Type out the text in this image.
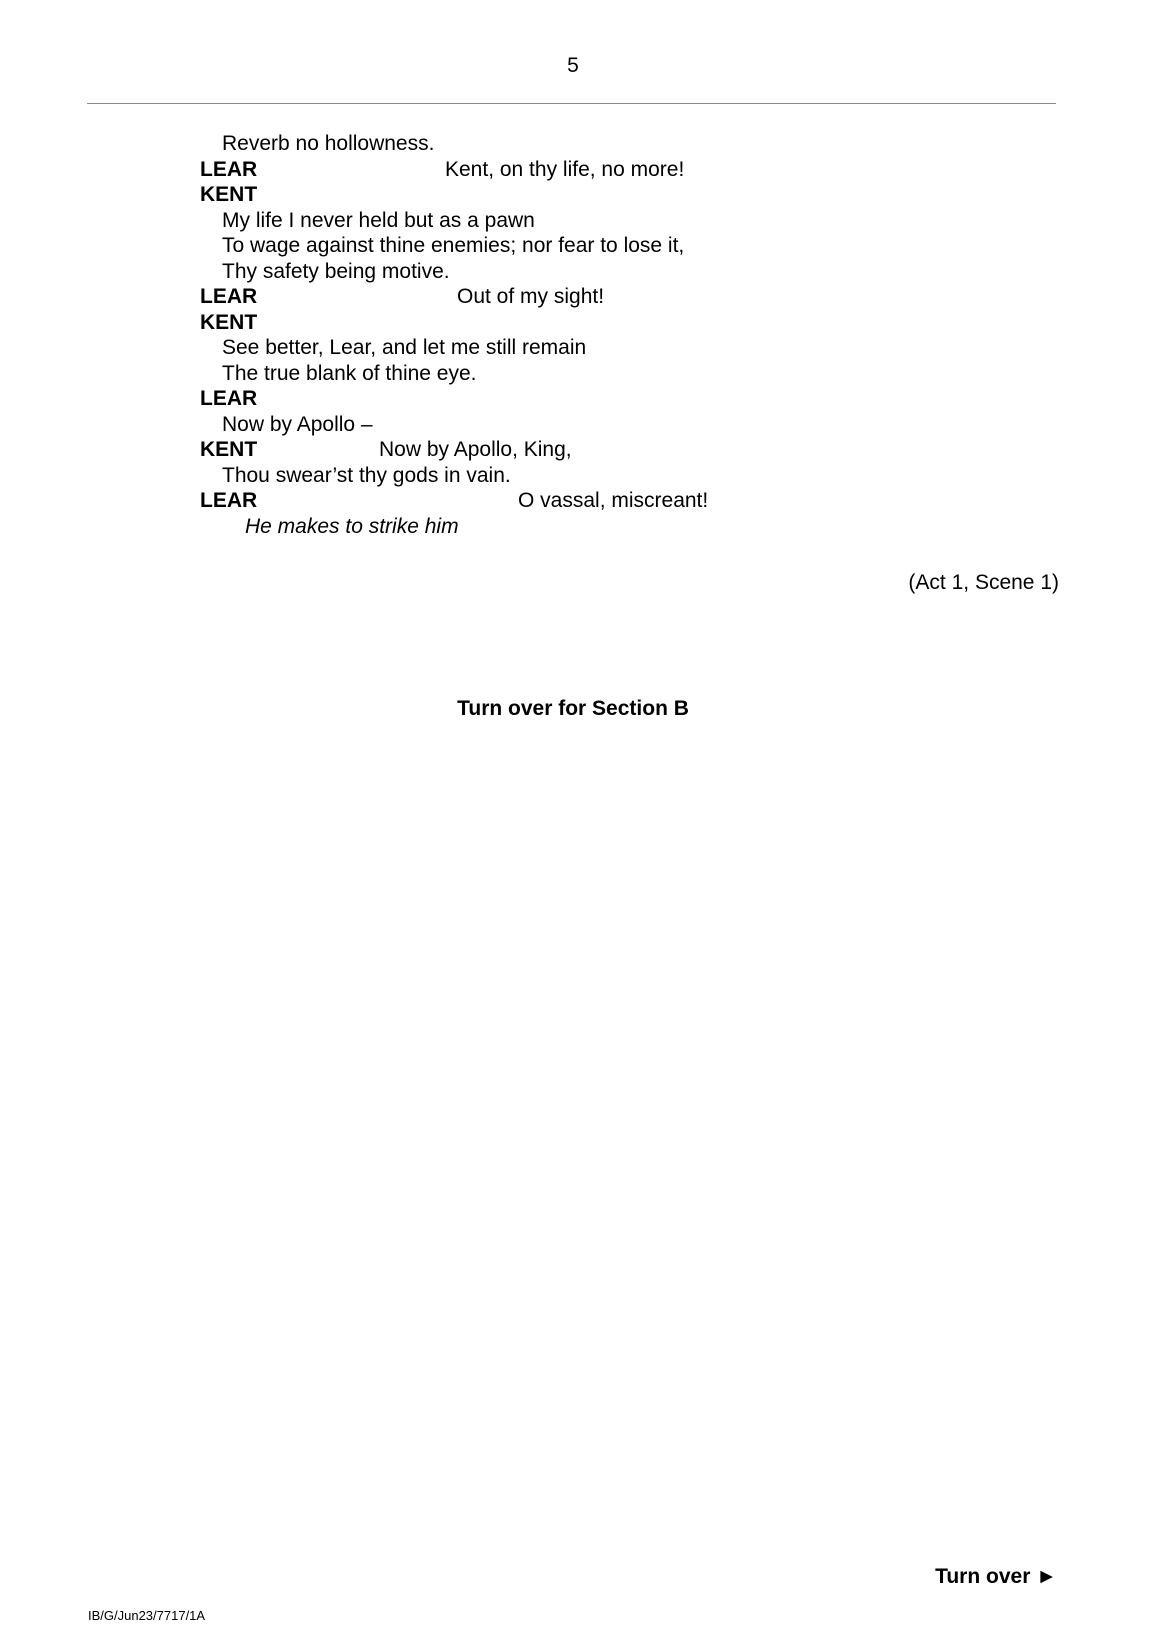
5
Reverb no hollowness.
LEAR	Kent, on thy life, no more!
KENT
My life I never held but as a pawn
To wage against thine enemies; nor fear to lose it,
Thy safety being motive.
LEAR	Out of my sight!
KENT
See better, Lear, and let me still remain
The true blank of thine eye.
LEAR
Now by Apollo –
KENT	Now by Apollo, King,
Thou swear’st thy gods in vain.
LEAR	O vassal, miscreant!
He makes to strike him
(Act 1, Scene 1)
Turn over for Section B
Turn over ►
IB/G/Jun23/7717/1A
